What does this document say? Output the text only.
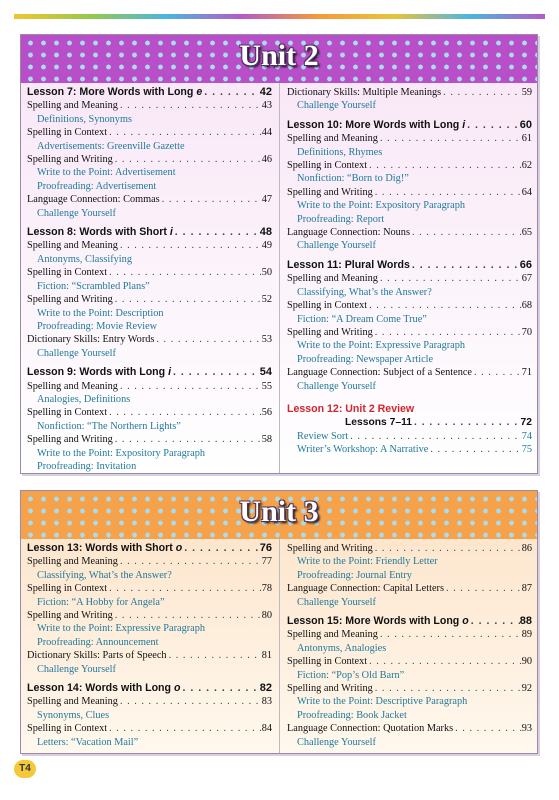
Unit 2
Lesson 7: More Words with Long e . . .	42
Spelling and Meaning . . .	43
Definitions, Synonyms
Spelling in Context . . .	44
Advertisements: Greenville Gazette
Spelling and Writing . . .	46
Write to the Point: Advertisement
Proofreading: Advertisement
Language Connection: Commas . . .	47
Challenge Yourself
Lesson 8: Words with Short i . . .	48
Spelling and Meaning . . .	49
Antonyms, Classifying
Spelling in Context . . .	50
Fiction: “Scrambled Plans”
Spelling and Writing . . .	52
Write to the Point: Description
Proofreading: Movie Review
Dictionary Skills: Entry Words . . .	53
Challenge Yourself
Lesson 9: Words with Long i . . .	54
Spelling and Meaning . . .	55
Analogies, Definitions
Spelling in Context . . .	56
Nonfiction: “The Northern Lights”
Spelling and Writing . . .	58
Write to the Point: Expository Paragraph
Proofreading: Invitation
Dictionary Skills: Multiple Meanings . . .	59
Challenge Yourself
Lesson 10: More Words with Long i . . .	60
Spelling and Meaning . . .	61
Definitions, Rhymes
Spelling in Context . . .	62
Nonfiction: “Born to Dig!”
Spelling and Writing . . .	64
Write to the Point: Expository Paragraph
Proofreading: Report
Language Connection: Nouns . . .	65
Challenge Yourself
Lesson 11: Plural Words . . .	66
Spelling and Meaning . . .	67
Classifying, What’s the Answer?
Spelling in Context . . .	68
Fiction: “A Dream Come True”
Spelling and Writing . . .	70
Write to the Point: Expressive Paragraph
Proofreading: Newspaper Article
Language Connection: Subject of a Sentence . . .	71
Challenge Yourself
Lesson 12: Unit 2 Review
Lessons 7–11 . . .	72
Review Sort . . .	74
Writer’s Workshop: A Narrative . . .	75
Unit 3
Lesson 13: Words with Short o . . .	76
Spelling and Meaning . . .	77
Classifying, What’s the Answer?
Spelling in Context . . .	78
Fiction: “A Hobby for Angela”
Spelling and Writing . . .	80
Write to the Point: Expressive Paragraph
Proofreading: Announcement
Dictionary Skills: Parts of Speech . . .	81
Challenge Yourself
Lesson 14: Words with Long o . . .	82
Spelling and Meaning . . .	83
Synonyms, Clues
Spelling in Context . . .	84
Letters: “Vacation Mail”
Spelling and Writing . . .	86
Write to the Point: Friendly Letter
Proofreading: Journal Entry
Language Connection: Capital Letters . . .	87
Challenge Yourself
Lesson 15: More Words with Long o . . .	88
Spelling and Meaning . . .	89
Antonyms, Analogies
Spelling in Context . . .	90
Fiction: “Pop’s Old Barn”
Spelling and Writing . . .	92
Write to the Point: Descriptive Paragraph
Proofreading: Book Jacket
Language Connection: Quotation Marks . . .	93
Challenge Yourself
T4
